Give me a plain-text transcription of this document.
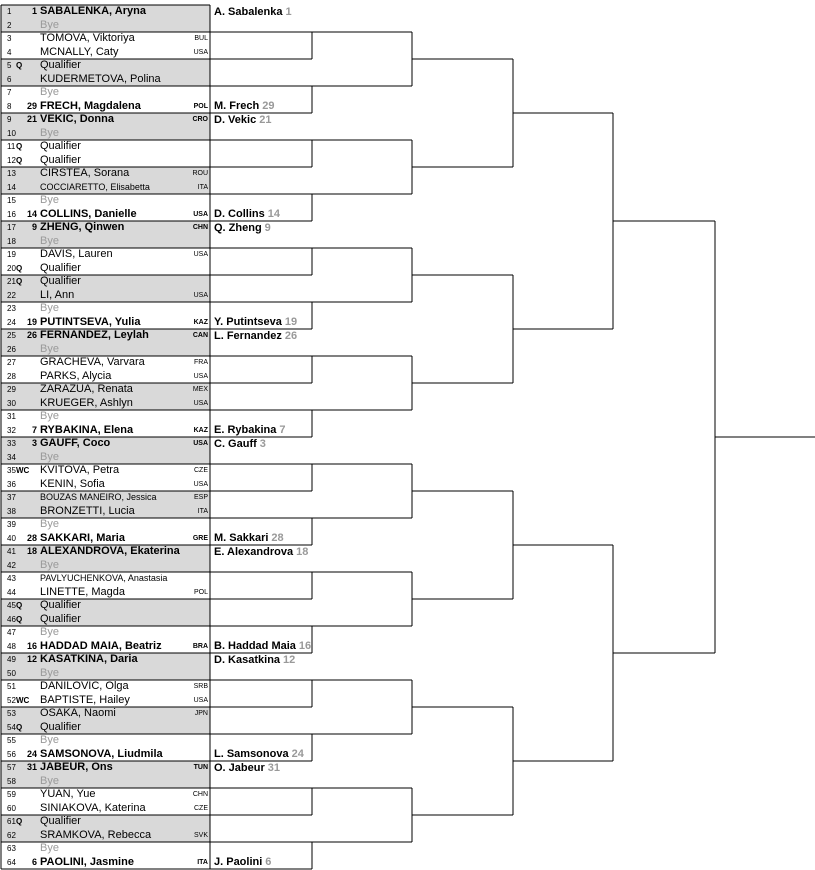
1 1 SABALENKA, Aryna
2	Bye
3	TOMOVA, Viktoriya	BUL
4	MCNALLY, Caty	USA
5 Q Qualifier
6	KUDERMETOVA, Polina
7	Bye
8 29 FRECH, Magdalena	POL
9 21 VEKIC, Donna	CRO
10 Bye
11 Q Qualifier
12 Q Qualifier
13 CIRSTEA, Sorana	ROU
14	COCCIARETTO, Elisabetta	ITA
15 Bye
16 14 COLLINS, Danielle	USA
17 9 ZHENG, Qinwen	CHN
18 Bye
19 DAVIS, Lauren	USA
20 Q Qualifier
21 Q Qualifier
22 LI, Ann	USA
23 Bye
24 19 PUTINTSEVA, Yulia	KAZ
25 26 FERNANDEZ, Leylah	CAN
26 Bye
27 GRACHEVA, Varvara	FRA
28 PARKS, Alycia	USA
29 ZARAZUA, Renata	MEX
30 KRUEGER, Ashlyn	USA
31 Bye
32 7 RYBAKINA, Elena	KAZ
33 3 GAUFF, Coco	USA
34 Bye
35 WC KVITOVA, Petra	CZE
36 KENIN, Sofia	USA
37	BOUZAS MANEIRO, Jessica	ESP
38 BRONZETTI, Lucia	ITA
39 Bye
40 28 SAKKARI, Maria	GRE
41 18 ALEXANDROVA, Ekaterina
42 Bye
43	PAVLYUCHENKOVA, Anastasia
44 LINETTE, Magda	POL
45 Q Qualifier
46 Q Qualifier
47 Bye
48 16 HADDAD MAIA, Beatriz	BRA
49 12 KASATKINA, Daria
50 Bye
51 DANILOVIC, Olga	SRB
52 WC BAPTISTE, Hailey	USA
53 OSAKA, Naomi	JPN
54 Q Qualifier
55 Bye
56 24 SAMSONOVA, Liudmila
57 31 JABEUR, Ons	TUN
58 Bye
59 YUAN, Yue	CHN
60 SINIAKOVA, Katerina	CZE
61 Q Qualifier
62 SRAMKOVA, Rebecca	SVK
63 Bye
64 6 PAOLINI, Jasmine	ITA
A. Sabalenka 1
M. Frech 29
D. Vekic 21
D. Collins 14
Q. Zheng 9
Y. Putintseva 19
L. Fernandez 26
E. Rybakina 7
C. Gauff 3
M. Sakkari 28
E. Alexandrova 18
B. Haddad Maia 16
D. Kasatkina 12
L. Samsonova 24
O. Jabeur 31
J. Paolini 6
